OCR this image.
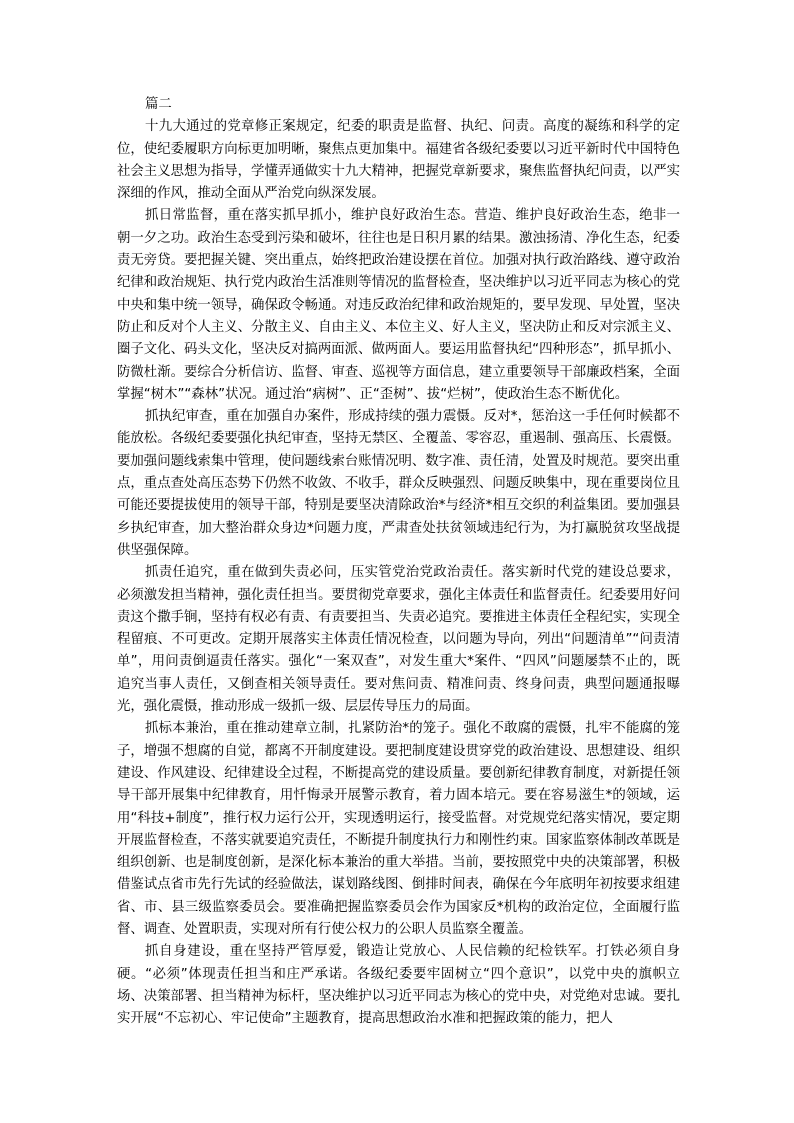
篇二

十九大通过的党章修正案规定，纪委的职责是监督、执纪、问责。高度的凝练和科学的定位，使纪委履职方向标更加明晰，聚焦点更加集中。福建省各级纪委要以习近平新时代中国特色社会主义思想为指导，学懂弄通做实十九大精神，把握党章新要求，聚焦监督执纪问责，以严实深细的作风，推动全面从严治党向纵深发展。

抓日常监督，重在落实抓早抓小，维护良好政治生态。营造、维护良好政治生态，绝非一朝一夕之功。政治生态受到污染和破坏，往往也是日积月累的结果。激浊扬清、净化生态，纪委责无旁贷。要把握关键、突出重点，始终把政治建设摆在首位。加强对执行政治路线、遵守政治纪律和政治规矩、执行党内政治生活准则等情况的监督检查，坚决维护以习近平同志为核心的党中央和集中统一领导，确保政令畅通。对违反政治纪律和政治规矩的，要早发现、早处置，坚决防止和反对个人主义、分散主义、自由主义、本位主义、好人主义，坚决防止和反对宗派主义、圈子文化、码头文化，坚决反对搞两面派、做两面人。要运用监督执纪“四种形态”，抓早抓小、防微杜渐。要综合分析信访、监督、审查、巡视等方面信息，建立重要领导干部廉政档案，全面掌握“树木”“森林”状况。通过治“病树”、正“歪树”、拔“烂树”，使政治生态不断优化。

抓执纪审查，重在加强自办案件，形成持续的强力震慑。反对*，惩治这一手任何时候都不能放松。各级纪委要强化执纪审查，坚持无禁区、全覆盖、零容忍，重遏制、强高压、长震慑。要加强问题线索集中管理，使问题线索台账情况明、数字准、责任清，处置及时规范。要突出重点，重点查处高压态势下仍然不收敛、不收手，群众反映强烈、问题反映集中，现在重要岗位且可能还要提拔使用的领导干部，特别是要坚决清除政治*与经济*相互交织的利益集团。要加强县乡执纪审查，加大整治群众身边*问题力度，严肃查处扶贫领域违纪行为，为打赢脱贫攻坚战提供坚强保障。

抓责任追究，重在做到失责必问，压实管党治党政治责任。落实新时代党的建设总要求，必须激发担当精神，强化责任担当。要贯彻党章要求，强化主体责任和监督责任。纪委要用好问责这个撒手锏，坚持有权必有责、有责要担当、失责必追究。要推进主体责任全程纪实，实现全程留痕、不可更改。定期开展落实主体责任情况检查，以问题为导向，列出“问题清单”“问责清单”，用问责倒逼责任落实。强化“一案双查”，对发生重大*案件、“四风”问题屡禁不止的，既追究当事人责任，又倒查相关领导责任。要对焦问责、精准问责、终身问责，典型问题通报曝光，强化震慑，推动形成一级抓一级、层层传导压力的局面。

抓标本兼治，重在推动建章立制，扎紧防治*的笼子。强化不敢腐的震慑，扎牢不能腐的笼子，增强不想腐的自觉，都离不开制度建设。要把制度建设贯穿党的政治建设、思想建设、组织建设、作风建设、纪律建设全过程，不断提高党的建设质量。要创新纪律教育制度，对新提任领导干部开展集中纪律教育，用忏悔录开展警示教育，着力固本培元。要在容易滋生*的领域，运用“科技+制度”，推行权力运行公开，实现透明运行，接受监督。对党规党纪落实情况，要定期开展监督检查，不落实就要追究责任，不断提升制度执行力和刚性约束。国家监察体制改革既是组织创新、也是制度创新，是深化标本兼治的重大举措。当前，要按照党中央的决策部署，积极借鉴试点省市先行先试的经验做法，谋划路线图、倒排时间表，确保在今年底明年初按要求组建省、市、县三级监察委员会。要准确把握监察委员会作为国家反*机构的政治定位，全面履行监督、调查、处置职责，实现对所有行使公权力的公职人员监察全覆盖。

抓自身建设，重在坚持严管厚爱，锻造让党放心、人民信赖的纪检铁军。打铁必须自身硬。“必须”体现责任担当和庄严承诺。各级纪委要牢固树立“四个意识”，以党中央的旗帜立场、决策部署、担当精神为标杆，坚决维护以习近平同志为核心的党中央，对党绝对忠诚。要扎实开展“不忘初心、牢记使命”主题教育，提高思想政治水准和把握政策的能力，把人
